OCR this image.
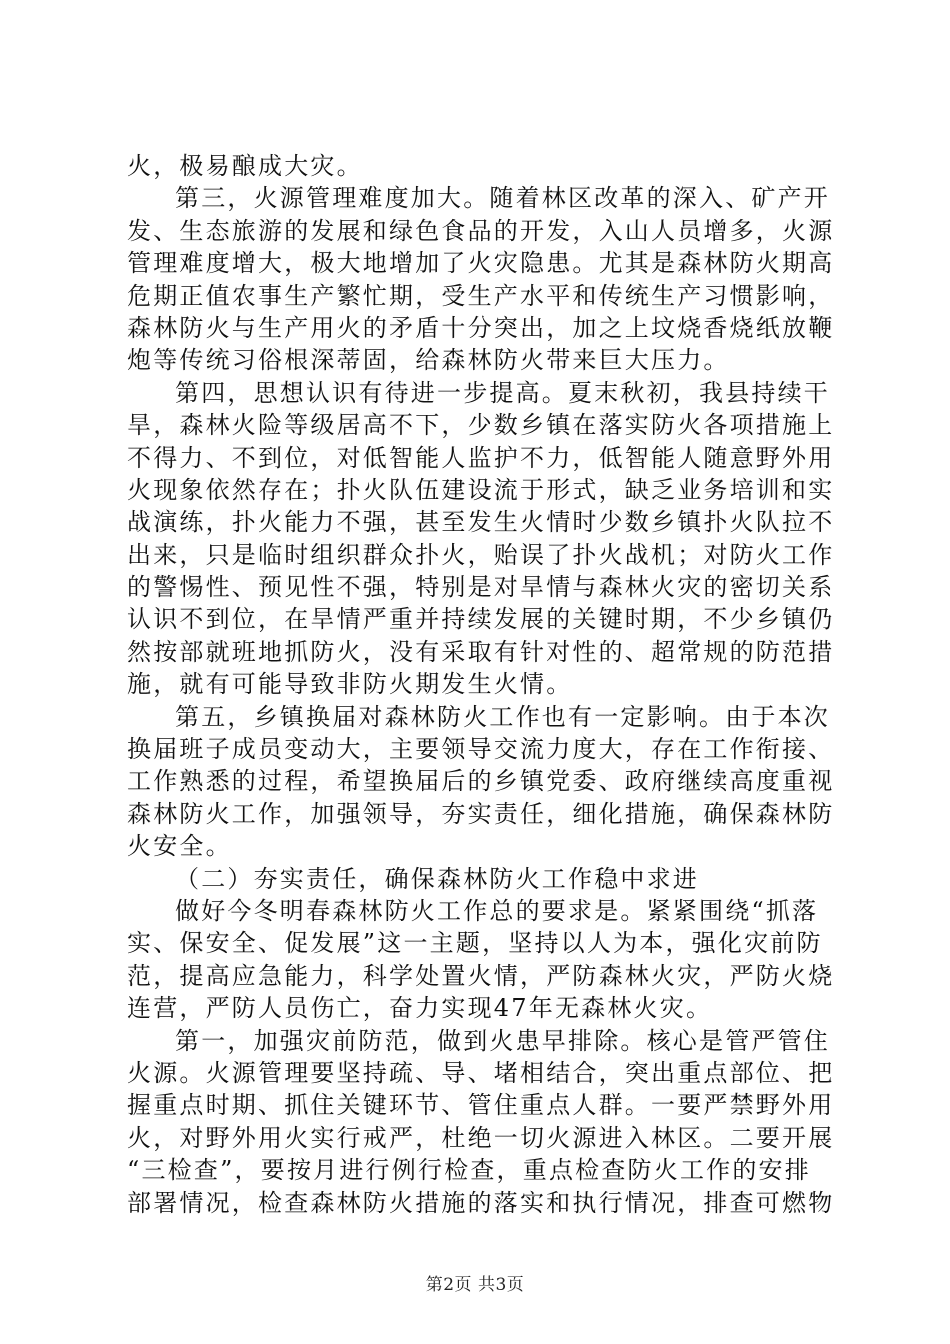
火，极易酿成大灾。
第三，火源管理难度加大。随着林区改革的深入、矿产开
发、生态旅游的发展和绿色食品的开发，入山人员增多，火源
管理难度增大，极大地增加了火灾隐患。尤其是森林防火期高
危期正值农事生产繁忙期，受生产水平和传统生产习惯影响，
森林防火与生产用火的矛盾十分突出，加之上坟烧香烧纸放鞭
炮等传统习俗根深蒂固，给森林防火带来巨大压力。
第四，思想认识有待进一步提高。夏末秋初，我县持续干
旱，森林火险等级居高不下，少数乡镇在落实防火各项措施上
不得力、不到位，对低智能人监护不力，低智能人随意野外用
火现象依然存在；扑火队伍建设流于形式，缺乏业务培训和实
战演练，扑火能力不强，甚至发生火情时少数乡镇扑火队拉不
出来，只是临时组织群众扑火，贻误了扑火战机；对防火工作
的警惕性、预见性不强，特别是对旱情与森林火灾的密切关系
认识不到位，在旱情严重并持续发展的关键时期，不少乡镇仍
然按部就班地抓防火，没有采取有针对性的、超常规的防范措
施，就有可能导致非防火期发生火情。
第五，乡镇换届对森林防火工作也有一定影响。由于本次
换届班子成员变动大，主要领导交流力度大，存在工作衔接、
工作熟悉的过程，希望换届后的乡镇党委、政府继续高度重视
森林防火工作，加强领导，夯实责任，细化措施，确保森林防
火安全。
（二）夯实责任，确保森林防火工作稳中求进
做好今冬明春森林防火工作总的要求是。紧紧围绕“抓落
实、保安全、促发展”这一主题，坚持以人为本，强化灾前防
范，提高应急能力，科学处置火情，严防森林火灾，严防火烧
连营，严防人员伤亡，奋力实现47年无森林火灾。
第一，加强灾前防范，做到火患早排除。核心是管严管住
火源。火源管理要坚持疏、导、堵相结合，突出重点部位、把
握重点时期、抓住关键环节、管住重点人群。一要严禁野外用
火，对野外用火实行戒严，杜绝一切火源进入林区。二要开展
“三检查”，要按月进行例行检查，重点检查防火工作的安排
部署情况，检查森林防火措施的落实和执行情况，排查可燃物
第2页 共3页
